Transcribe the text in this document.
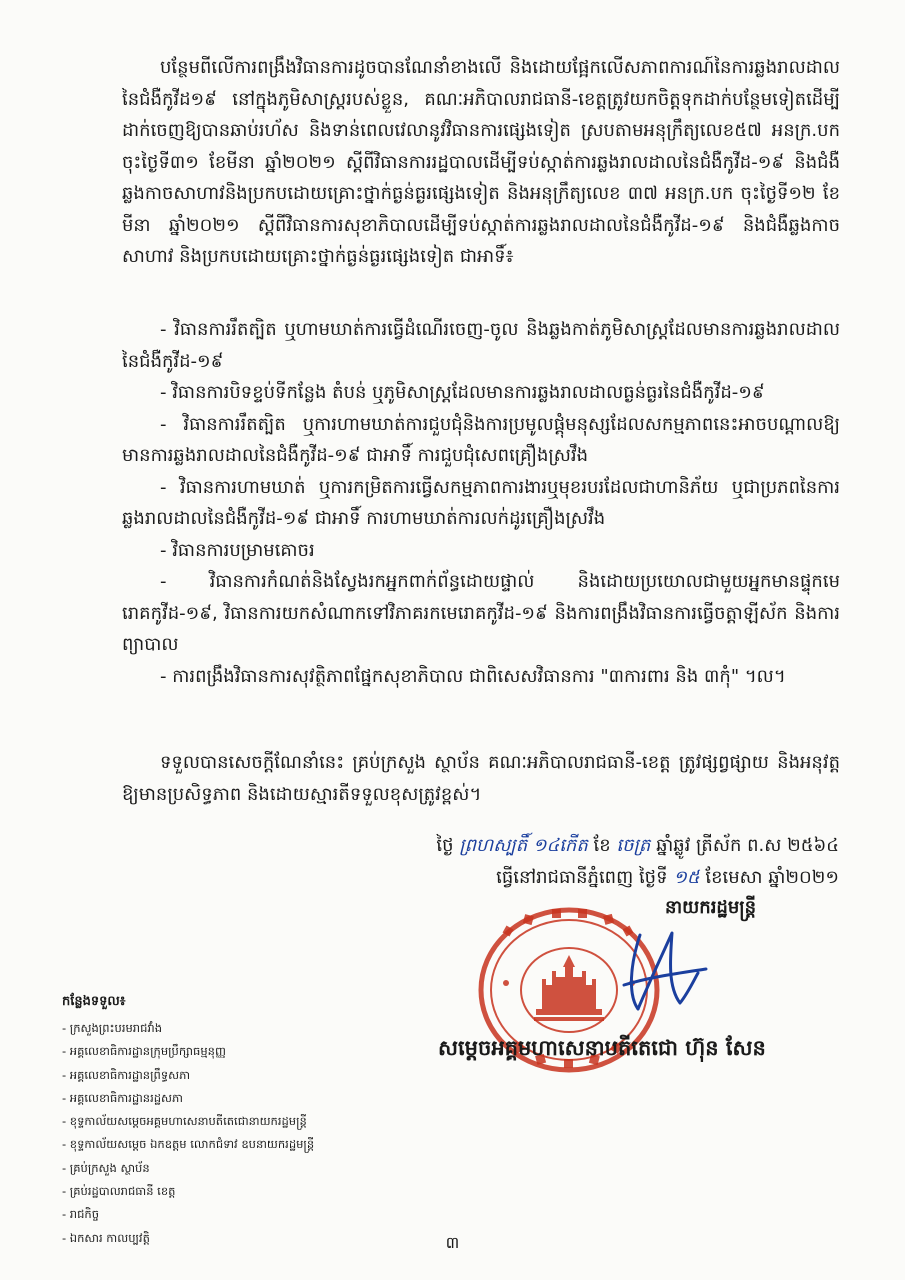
បន្ថែមពីលើការពង្រឹងវិធានការដូចបានណែនាំខាងលើ និងដោយផ្អែកលើសភាពការណ៍នៃការឆ្លងរាលដាលនៃជំងឺកូវីដ១៩ នៅក្នុងភូមិសាស្ត្ររបស់ខ្លួន, គណៈអភិបាលរាជធានី-ខេត្តត្រូវយកចិត្តទុកដាក់បន្ថែមទៀតដើម្បីដាក់ចេញឱ្យបានឆាប់រហ័ស និងទាន់ពេលវេលានូវវិធានការផ្សេងទៀត ស្របតាមអនុក្រឹត្យលេខ៥៧ អនក្រ.បក ចុះថ្ងៃទី៣១ ខែមីនា ឆ្នាំ២០២១ ស្តីពីវិធានការរដ្ឋបាលដើម្បីទប់ស្កាត់ការឆ្លងរាលដាលនៃជំងឺកូវីដ-១៩ និងជំងឺឆ្លងកាចសាហាវនិងប្រកបដោយគ្រោះថ្នាក់ធ្ងន់ធ្ងរផ្សេងទៀត និងអនុក្រឹត្យលេខ ៣៧ អនក្រ.បក ចុះថ្ងៃទី១២ ខែមីនា ឆ្នាំ២០២១ ស្តីពីវិធានការសុខាភិបាលដើម្បីទប់ស្កាត់ការឆ្លងរាលដាលនៃជំងឺកូវីដ-១៩ និងជំងឺឆ្លងកាចសាហាវ និងប្រកបដោយគ្រោះថ្នាក់ធ្ងន់ធ្ងរផ្សេងទៀត ជាអាទិ៍៖

- វិធានការរឹតត្បិត ឬហាមឃាត់ការធ្វើដំណើរចេញ-ចូល និងឆ្លងកាត់ភូមិសាស្ត្រដែលមានការឆ្លងរាលដាលនៃជំងឺកូវីដ-១៩

- វិធានការបិទខ្ទប់ទីកន្លែង តំបន់ ឬភូមិសាស្ត្រដែលមានការឆ្លងរាលដាលធ្ងន់ធ្ងរនៃជំងឺកូវីដ-១៩

- វិធានការរឹតត្បិត ឬការហាមឃាត់ការជួបជុំនិងការប្រមូលផ្តុំមនុស្សដែលសកម្មភាពនេះអាចបណ្តាលឱ្យមានការឆ្លងរាលដាលនៃជំងឺកូវីដ-១៩ ជាអាទិ៍ ការជួបជុំសេពគ្រឿងស្រវឹង

- វិធានការហាមឃាត់ ឬការកម្រិតការធ្វើសកម្មភាពការងារឬមុខរបរដែលជាហានិភ័យ ឬជាប្រភពនៃការឆ្លងរាលដាលនៃជំងឺកូវីដ-១៩ ជាអាទិ៍ ការហាមឃាត់ការលក់ដូរគ្រឿងស្រវឹង

- វិធានការបម្រាមគោចរ

- វិធានការកំណត់និងស្វែងរកអ្នកពាក់ព័ន្ធដោយផ្ទាល់ និងដោយប្រយោលជាមួយអ្នកមានផ្ទុកមេរោគកូវីដ-១៩, វិធានការយកសំណាកទៅវិភាគរកមេរោគកូវីដ-១៩ និងការពង្រឹងវិធានការធ្វើចត្តាឡីស័ក និងការព្យាបាល

- ការពង្រឹងវិធានការសុវត្ថិភាពផ្នែកសុខាភិបាល ជាពិសេសវិធានការ "៣ការពារ និង ៣កុំ" ។ល។

ទទួលបានសេចក្តីណែនាំនេះ គ្រប់ក្រសួង ស្ថាប័ន គណៈអភិបាលរាជធានី-ខេត្ត ត្រូវផ្សព្វផ្សាយ និងអនុវត្តឱ្យមានប្រសិទ្ធភាព និងដោយស្មារតីទទួលខុសត្រូវខ្ពស់។

ថ្ងៃ ព្រហស្បតិ៍ ១៤កើត ខែ ចេត្រ ឆ្នាំឆ្លូវ ត្រីស័ក ព.ស ២៥៦៤
ធ្វើនៅរាជធានីភ្នំពេញ ថ្ងៃទី ១៥ ខែមេសា ឆ្នាំ២០២១
នាយករដ្ឋមន្ត្រី
សម្តេចអគ្គមហាសេនាបតីតេជោ ហ៊ុន សែន
កន្លែងទទួល៖
- ក្រសួងព្រះបរមរាជវាំង
- អគ្គលេខាធិការដ្ឋានក្រុមប្រឹក្សាធម្មនុញ្ញ
- អគ្គលេខាធិការដ្ឋានព្រឹទ្ធសភា
- អគ្គលេខាធិការដ្ឋានរដ្ឋសភា
- ខុទ្ទកាល័យសម្តេចអគ្គមហាសេនាបតីតេជោនាយករដ្ឋមន្ត្រី
- ខុទ្ទកាល័យសម្តេច ឯកឧត្តម លោកជំទាវ ឧបនាយករដ្ឋមន្ត្រី
- គ្រប់ក្រសួង ស្ថាប័ន
- គ្រប់រដ្ឋបាលរាជធានី ខេត្ត
- រាជកិច្ច
- ឯកសារ កាលប្បវត្តិ	៣
